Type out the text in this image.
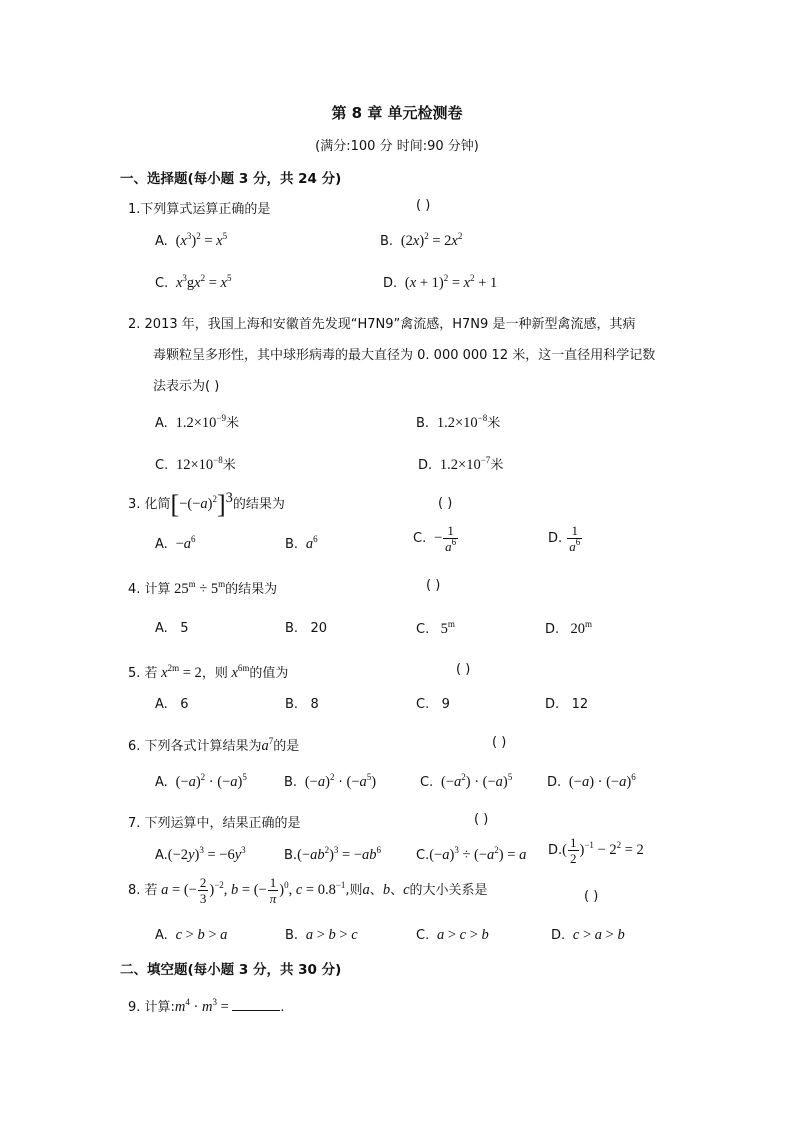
第 8 章 单元检测卷
(满分:100 分 时间:90 分钟)
一、选择题(每小题 3 分，共 24 分)
1.下列算式运算正确的是	( )
A.  $(x^3)^2 = x^5$	B.  $(2x)^2 = 2x^2$
C. $x^3gx^2 = x^5$	D.  $(x + 1)^2 = x^2 + 1$
2. 2013 年，我国上海和安徽首先发现“H7N9”禽流感，H7N9 是一种新型禽流感，其病
毒颗粒呈多形性，其中球形病毒的最大直径为 0. 000 000 12 米，这一直径用科学记数
法表示为( )
A.  $1.2\times 10^{-9}$米	B.  $1.2\times 10^{-8}$米
C.  $12\times 10^{-8}$米	D.  $1.2\times 10^{-7}$米
3. 化简$[-(-a)^2]^3$的结果为	( )
A.  $-a^6$	B. $a^6$	C.  − $\frac{1}{a^6}$	D. $\frac{1}{a^6}$
4. 计算 $25^m \div 5^m$的结果为	( )
A. 5	B. 20	C.   5$^m$	D.   20$^m$
5. 若 $x^{2m} = 2$，则 $x^{6m}$的值为	( )
A. 6	B. 8	C. 9	D. 12
6. 下列各式计算结果为$a^7$的是	( )
A.  $(-a)^2 \cdot (-a)^5$	B.  $(-a)^2 \cdot (-a^5)$	C.  $(-a^2) \cdot (-a)^5$	D.  $(-a) \cdot (-a)^6$
7. 下列运算中，结果正确的是	( )
$A.(-2y)^3 = -6y^3$	$B.(-ab^2)^3 = -ab^6$	$C.(-a)^3 \div (-a^2) = a$ $D.( \frac{1}{2} )^{-1} - 2^2 = 2$
8. 若 a = (− $\frac{2}{3} )^{-2}$, b = (− $\frac{1}{\pi} )^0$, $c = 0.8^{-1}$,则a、b、c的大小关系是	( )
A. c > b > a	B. a > b > c	C. a > c > b	D. c > a > b
二、填空题(每小题 3 分，共 30 分)
9. 计算$:m^4 \cdot m^3$ =	.
